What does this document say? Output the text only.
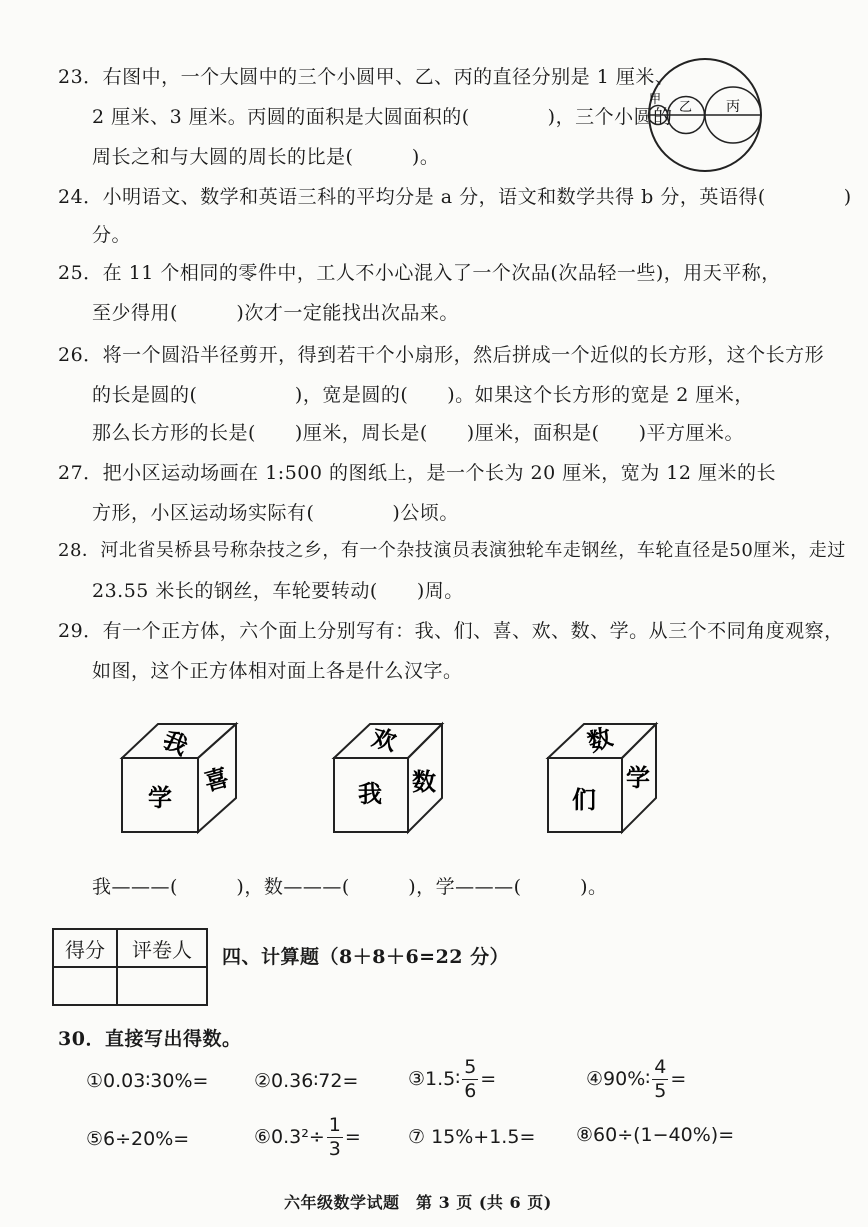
23．右图中，一个大圆中的三个小圆甲、乙、丙的直径分别是 1 厘米、
2 厘米、3 厘米。丙圆的面积是大圆面积的(　　　　)，三个小圆的
周长之和与大圆的周长的比是(　　　)。
甲
乙 丙
24．小明语文、数学和英语三科的平均分是 a 分，语文和数学共得 b 分，英语得(　　　　)
分。
25．在 11 个相同的零件中，工人不小心混入了一个次品(次品轻一些)，用天平称，
至少得用(　　　)次才一定能找出次品来。
26．将一个圆沿半径剪开，得到若干个小扇形，然后拼成一个近似的长方形，这个长方形
的长是圆的(　　　　　)，宽是圆的(　　)。如果这个长方形的宽是 2 厘米，
那么长方形的长是(　　)厘米，周长是(　　)厘米，面积是(　　)平方厘米。
27．把小区运动场画在 1:500 的图纸上，是一个长为 20 厘米，宽为 12 厘米的长
方形，小区运动场实际有(　　　　)公顷。
28．河北省吴桥县号称杂技之乡，有一个杂技演员表演独轮车走钢丝，车轮直径是50厘米，走过
23.55 米长的钢丝，车轮要转动(　　)周。
29．有一个正方体，六个面上分别写有：我、们、喜、欢、数、学。从三个不同角度观察，
如图，这个正方体相对面上各是什么汉字。
我
学
喜
欢
我 数
数
们
学
我———(　　　)，数———(　　　)，学———(　　　)。
得分	评卷人
	四、计算题（8＋8＋6=22 分）
30．直接写出得数。
①0.03∶30%= ②0.36∶72=	③1.5∶ $\frac{5}{6}$ =	④90%∶ $\frac{4}{5}$ =
⑤6÷20%=	⑥0.3²÷ $\frac{1}{3}$ = ⑦ 15%+1.5= ⑧60÷(1−40%)=
六年级数学试题　第 3 页 (共 6 页)
